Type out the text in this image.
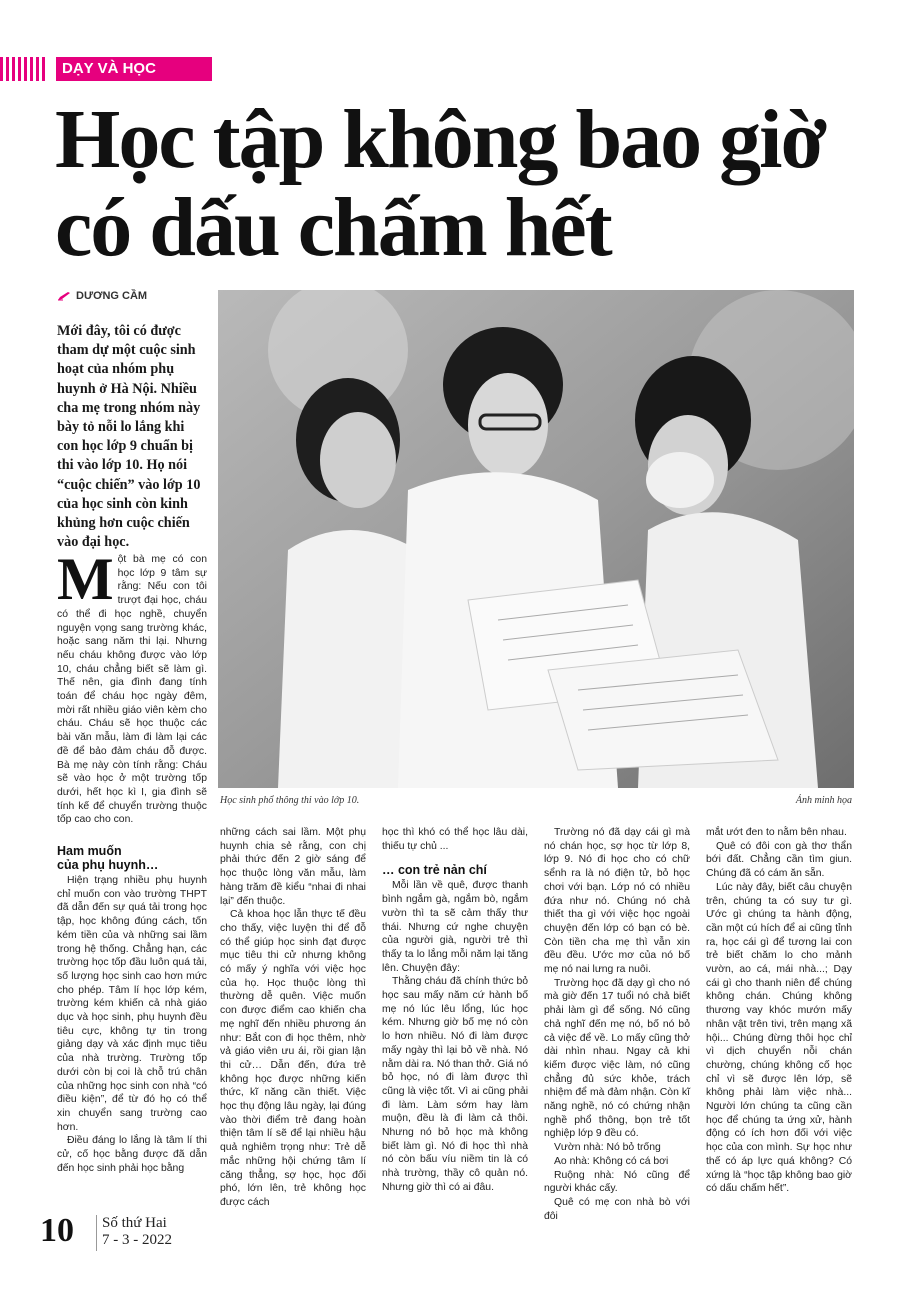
DẠY VÀ HỌC
Học tập không bao giờ
có dấu chấm hết
DƯƠNG CẦM
Học sinh phổ thông thi vào lớp 10.	Ảnh minh họa
Mới đây, tôi có được tham dự một cuộc sinh hoạt của nhóm phụ huynh ở Hà Nội. Nhiều cha mẹ trong nhóm này bày tỏ nỗi lo lắng khi con học lớp 9 chuẩn bị thi vào lớp 10. Họ nói “cuộc chiến” vào lớp 10 của học sinh còn kinh khủng hơn cuộc chiến vào đại học.
M ột bà mẹ có con học lớp 9 tâm sự rằng: Nếu con tôi trượt đại học, cháu có thể đi học nghề, chuyển nguyện vọng sang trường khác, hoặc sang năm thi lại. Nhưng nếu cháu không được vào lớp 10, cháu chẳng biết sẽ làm gì. Thế nên, gia đình đang tính toán để cháu học ngày đêm, mời rất nhiều giáo viên kèm cho cháu. Cháu sẽ học thuộc các bài văn mẫu, làm đi làm lại các đề để bảo đảm cháu đỗ được. Bà mẹ này còn tính rằng: Cháu sẽ vào học ở một trường tốp dưới, hết học kì I, gia đình sẽ tính kế để chuyển trường thuộc tốp cao cho con.

Ham muốn
của phụ huynh…

Hiện trạng nhiều phụ huynh chỉ muốn con vào trường THPT đã dẫn đến sự quá tải trong học tập, học không đúng cách, tốn kém tiền của và những sai lầm trong hệ thống. Chẳng hạn, các trường học tốp đầu luôn quá tải, số lượng học sinh cao hơn mức cho phép. Tâm lí học lớp kém, trường kém khiến cả nhà giáo dục và học sinh, phụ huynh đều tiêu cực, không tự tin trong giảng dạy và xác định mục tiêu của nhà trường. Trường tốp dưới còn bị coi là chỗ trú chân của những học sinh con nhà “có điều kiện”, để từ đó họ có thể xin chuyển sang trường cao hơn.

Điều đáng lo lắng là tâm lí thi cử, cố học bằng được đã dẫn đến học sinh phải học bằng

những cách sai lầm. Một phụ huynh chia sẻ rằng, con chị phải thức đến 2 giờ sáng để học thuộc lòng văn mẫu, làm hàng trăm đề kiểu “nhai đi nhai lại” đến thuộc.

Cả khoa học lẫn thực tế đều cho thấy, việc luyện thi để đỗ có thể giúp học sinh đạt được mục tiêu thi cử nhưng không có mấy ý nghĩa với việc học của họ. Học thuộc lòng thì thường dễ quên. Việc muốn con được điểm cao khiến cha mẹ nghĩ đến nhiều phương án như: Bắt con đi học thêm, nhờ vả giáo viên ưu ái, rồi gian lận thi cử… Dẫn đến, đứa trẻ không học được những kiến thức, kĩ năng cần thiết. Việc học thụ động lâu ngày, lại đúng vào thời điểm trẻ đang hoàn thiện tâm lí sẽ để lại nhiều hậu quả nghiêm trọng như: Trẻ dễ mắc những hội chứng tâm lí căng thẳng, sợ học, học đối phó, lớn lên, trẻ không học được cách

học thì khó có thể học lâu dài, thiếu tự chủ ...

… con trẻ nản chí

Mỗi lần về quê, được thanh bình ngắm gà, ngắm bò, ngắm vườn thì ta sẽ cảm thấy thư thái. Nhưng cứ nghe chuyện của người già, người trẻ thì thấy ta lo lắng mỗi năm lại tăng lên. Chuyện đây:

Thằng cháu đã chính thức bỏ học sau mấy năm cứ hành bố mẹ nó lúc lêu lổng, lúc học kém. Nhưng giờ bố mẹ nó còn lo hơn nhiều. Nó đi làm được mấy ngày thì lại bỏ về nhà. Nó nằm dài ra. Nó than thở. Giá nó bỏ học, nó đi làm được thì cũng là việc tốt. Vì ai cũng phải đi làm. Làm sớm hay làm muộn, đều là đi làm cả thôi. Nhưng nó bỏ học mà không biết làm gì. Nó đi học thì nhà nó còn bấu víu niềm tin là có nhà trường, thầy cô quản nó. Nhưng giờ thì có ai đâu.

Trường nó đã dạy cái gì mà nó chán học, sợ học từ lớp 8, lớp 9. Nó đi học cho có chữ sểnh ra là nó điện tử, bỏ học chơi với bạn. Lớp nó có nhiều đứa như nó. Chúng nó chả thiết tha gì với việc học ngoài chuyện đến lớp có bạn có bè. Còn tiền cha mẹ thì vẫn xin đều đều. Ước mơ của nó bố mẹ nó nai lưng ra nuôi.

Trường học đã dạy gì cho nó mà giờ đến 17 tuổi nó chả biết phải làm gì để sống. Nó cũng chả nghĩ đến mẹ nó, bố nó bỏ cả việc để về. Lo mấy cũng thở dài nhìn nhau. Ngay cả khi kiếm được việc làm, nó cũng chẳng đủ sức khỏe, trách nhiệm để mà đảm nhận. Còn kĩ năng nghề, nó có chứng nhận nghề phổ thông, bọn trẻ tốt nghiệp lớp 9 đều có.

Vườn nhà: Nó bỏ trống

Ao nhà: Không có cá bơi

Ruộng nhà: Nó cũng để người khác cấy.

Quê có mẹ con nhà bò với đôi

mắt ướt đen to nằm bên nhau.

Quê có đôi con gà thơ thẩn bới đất. Chẳng cần tìm giun. Chúng đã có cám ăn sẵn.

Lúc này đây, biết câu chuyện trên, chúng ta có suy tư gì. Ước gì chúng ta hành động, cần một cú hích để ai cũng tỉnh ra, học cái gì để tương lai con trẻ biết chăm lo cho mảnh vườn, ao cá, mái nhà...; Dạy cái gì cho thanh niên để chúng không chán. Chúng không thương vay khóc mướn mấy nhân vật trên tivi, trên mạng xã hội... Chúng đừng thôi học chỉ vì dịch chuyển nỗi chán chường, chúng không cố học chỉ vì sẽ được lên lớp, sẽ không phải làm việc nhà... Người lớn chúng ta cũng cần học để chúng ta ứng xử, hành động có ích hơn đối với việc học của con mình. Sự học như thế có áp lực quá không? Có xứng là “học tập không bao giờ có dấu chấm hết”.

10 Số thứ Hai
7 - 3 - 2022
